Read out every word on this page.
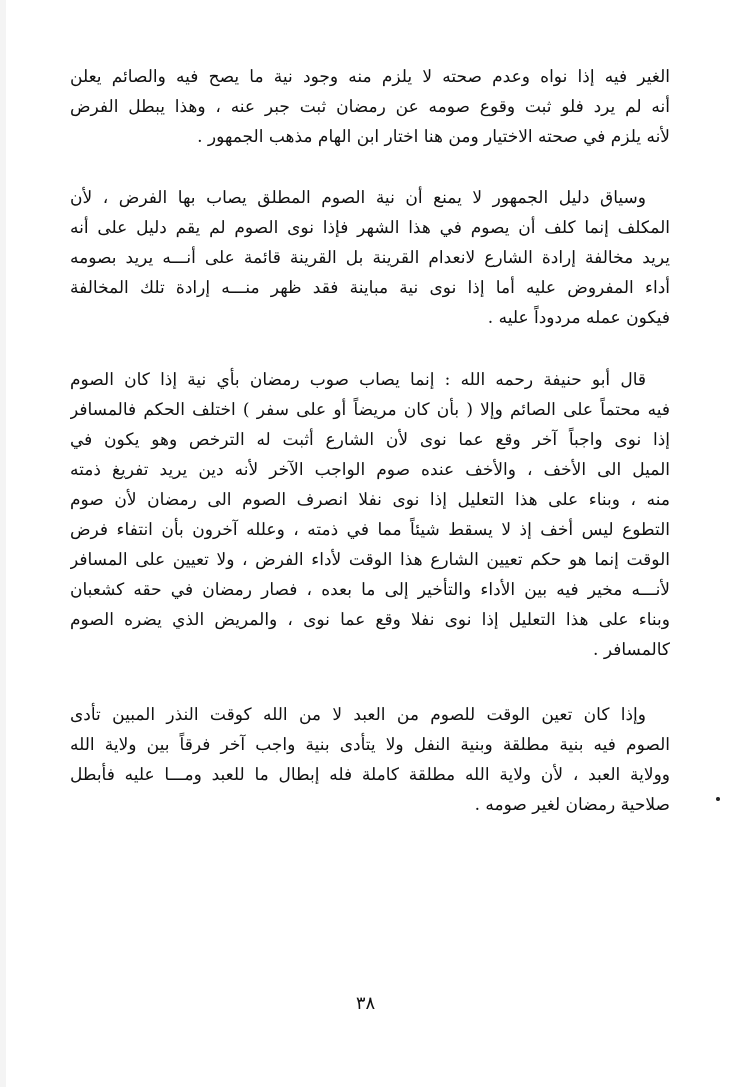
الغير فيه إذا نواه وعدم صحته لا يلزم منه وجود نية ما يصح فيه والصائم يعلن
أنه لم يرد فلو ثبت وقوع صومه عن رمضان ثبت جبر عنه ، وهذا يبطل الفرض
لأنه يلزم في صحته الاختيار ومن هنا اختار ابن الهام مذهب الجمهور .
وسياق دليل الجمهور لا يمنع أن نية الصوم المطلق يصاب بها الفرض ، لأن
المكلف إنما كلف أن يصوم في هذا الشهر فإذا نوى الصوم لم يقم دليل على أنه
يريد مخالفة إرادة الشارع لانعدام القرينة بل القرينة قائمة على أنـــه يريد بصومه
أداء المفروض عليه أما إذا نوى نية مباينة فقد ظهر منـــه إرادة تلك المخالفة
فيكون عمله مردوداً عليه .
قال أبو حنيفة رحمه الله : إنما يصاب صوب رمضان بأي نية إذا كان الصوم
فيه محتماً على الصائم وإلا ( بأن كان مريضاً أو على سفر ) اختلف الحكم فالمسافر
إذا نوى واجباً آخر وقع عما نوى لأن الشارع أثبت له الترخص وهو يكون في
الميل الى الأخف ، والأخف عنده صوم الواجب الآخر لأنه دين يريد تفريغ ذمته
منه ، وبناء على هذا التعليل إذا نوى نفلا انصرف الصوم الى رمضان لأن صوم
التطوع ليس أخف إذ لا يسقط شيئاً مما في ذمته ، وعلله آخرون بأن انتفاء فرض
الوقت إنما هو حكم تعيين الشارع هذا الوقت لأداء الفرض ، ولا تعيين على المسافر
لأنـــه مخير فيه بين الأداء والتأخير إلى ما بعده ، فصار رمضان في حقه كشعبان
وبناء على هذا التعليل إذا نوى نفلا وقع عما نوى ، والمريض الذي يضره الصوم
كالمسافر .
وإذا كان تعين الوقت للصوم من العبد لا من الله كوقت النذر المبين تأدى
الصوم فيه بنية مطلقة وبنية النفل ولا يتأدى بنية واجب آخر فرقاً بين ولاية الله
وولاية العبد ، لأن ولاية الله مطلقة كاملة فله إبطال ما للعبد ومـــا عليه فأبطل
صلاحية رمضان لغير صومه .
٣٨
